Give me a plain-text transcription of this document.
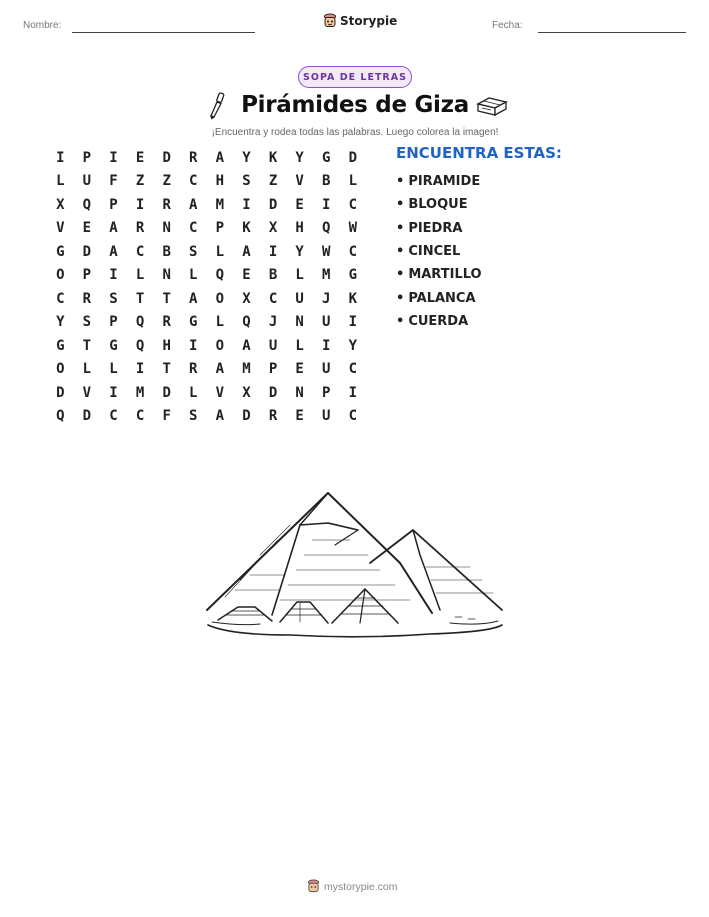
Nombre:	Storypie	Fecha:
SOPA DE LETRAS
Pirámides de Giza
¡Encuentra y rodea todas las palabras. Luego colorea la imagen!
I	P	I	E	D	R	A	Y	K	Y	G	D
L	U	F	Z	Z	C	H	S	Z	V	B	L
X	Q	P	I	R	A	M	I	D	E	I	C
V	E	A	R	N	C	P	K	X	H	Q	W
G	D	A	C	B	S	L	A	I	Y	W	C
O	P	I	L	N	L	Q	E	B	L	M	G
C	R	S	T	T	A	O	X	C	U	J	K
Y	S	P	Q	R	G	L	Q	J	N	U	I
G	T	G	Q	H	I	O	A	U	L	I	Y
O	L	L	I	T	R	A	M	P	E	U	C
D	V	I	M	D	L	V	X	D	N	P	I
Q	D	C	C	F	S	A	D	R	E	U	C
ENCUENTRA ESTAS:
• PIRAMIDE
• BLOQUE
• PIEDRA
• CINCEL
• MARTILLO
• PALANCA
• CUERDA
mystorypie.com
